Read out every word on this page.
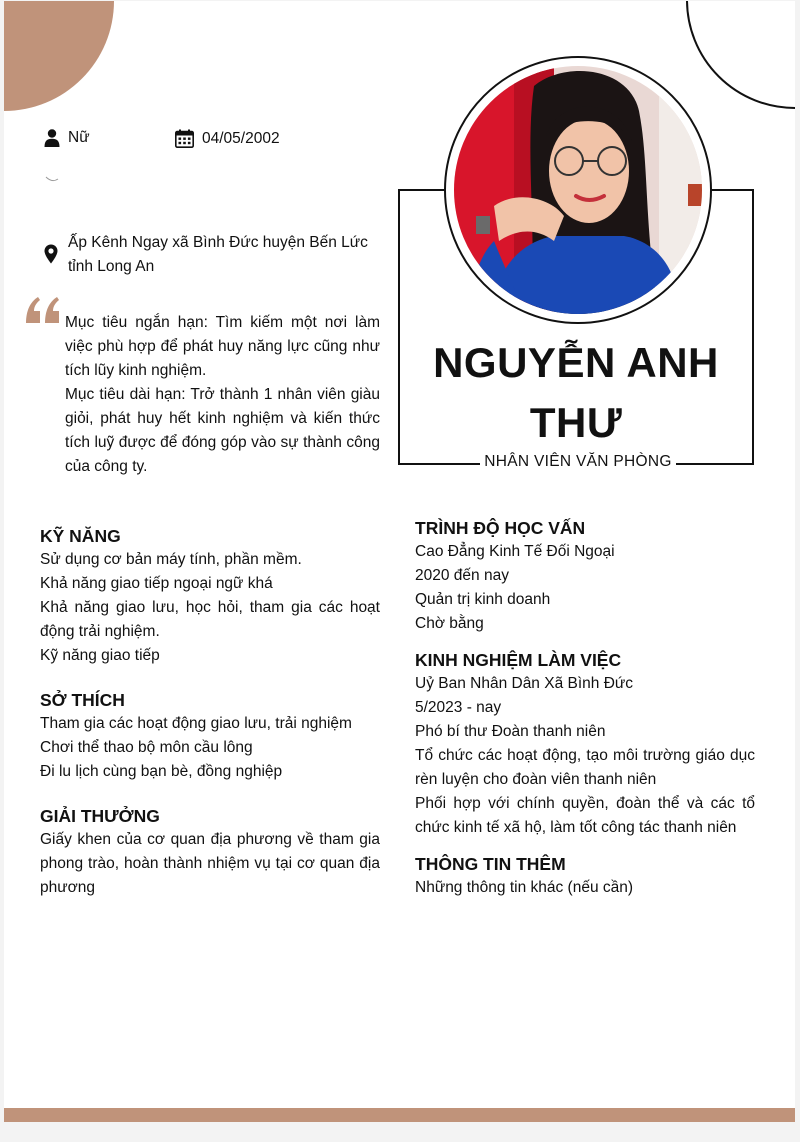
Nữ	04/05/2002
Ấp Kênh Ngay xã Bình Đức huyện Bến Lức tỉnh Long An

Mục tiêu ngắn hạn: Tìm kiếm một nơi làm việc phù hợp để phát huy năng lực cũng như tích lũy kinh nghiệm.

Mục tiêu dài hạn: Trở thành 1 nhân viên giàu giỏi, phát huy hết kinh nghiệm và kiến thức tích luỹ được để đóng góp vào sự thành công của công ty.	NHÂN VIÊN VĂN PHÒNG
NGUYỄN ANH THƯ
KỸ NĂNG
Sử dụng cơ bản máy tính, phần mềm.
Khả năng giao tiếp ngoại ngữ khá
Khả năng giao lưu, học hỏi, tham gia các hoạt động trải nghiệm.
Kỹ năng giao tiếp
SỞ THÍCH
Tham gia các hoạt động giao lưu, trải nghiệm
Chơi thể thao bộ môn cầu lông
Đi lu lịch cùng bạn bè, đồng nghiệp
GIẢI THƯỞNG
Giấy khen của cơ quan địa phương về tham gia phong trào, hoàn thành nhiệm vụ tại cơ quan địa phương
TRÌNH ĐỘ HỌC VẤN
Cao Đẳng Kinh Tế Đối Ngoại
2020 đến nay
Quản trị kinh doanh
Chờ bằng
KINH NGHIỆM LÀM VIỆC
Uỷ Ban Nhân Dân Xã Bình Đức
5/2023 - nay
Phó bí thư Đoàn thanh niên
Tổ chức các hoạt động, tạo môi trường giáo dục rèn luyện cho đoàn viên thanh niên
Phối hợp với chính quyền, đoàn thể và các tổ chức kinh tế xã hộ, làm tốt công tác thanh niên
THÔNG TIN THÊM
Những thông tin khác (nếu cần)
